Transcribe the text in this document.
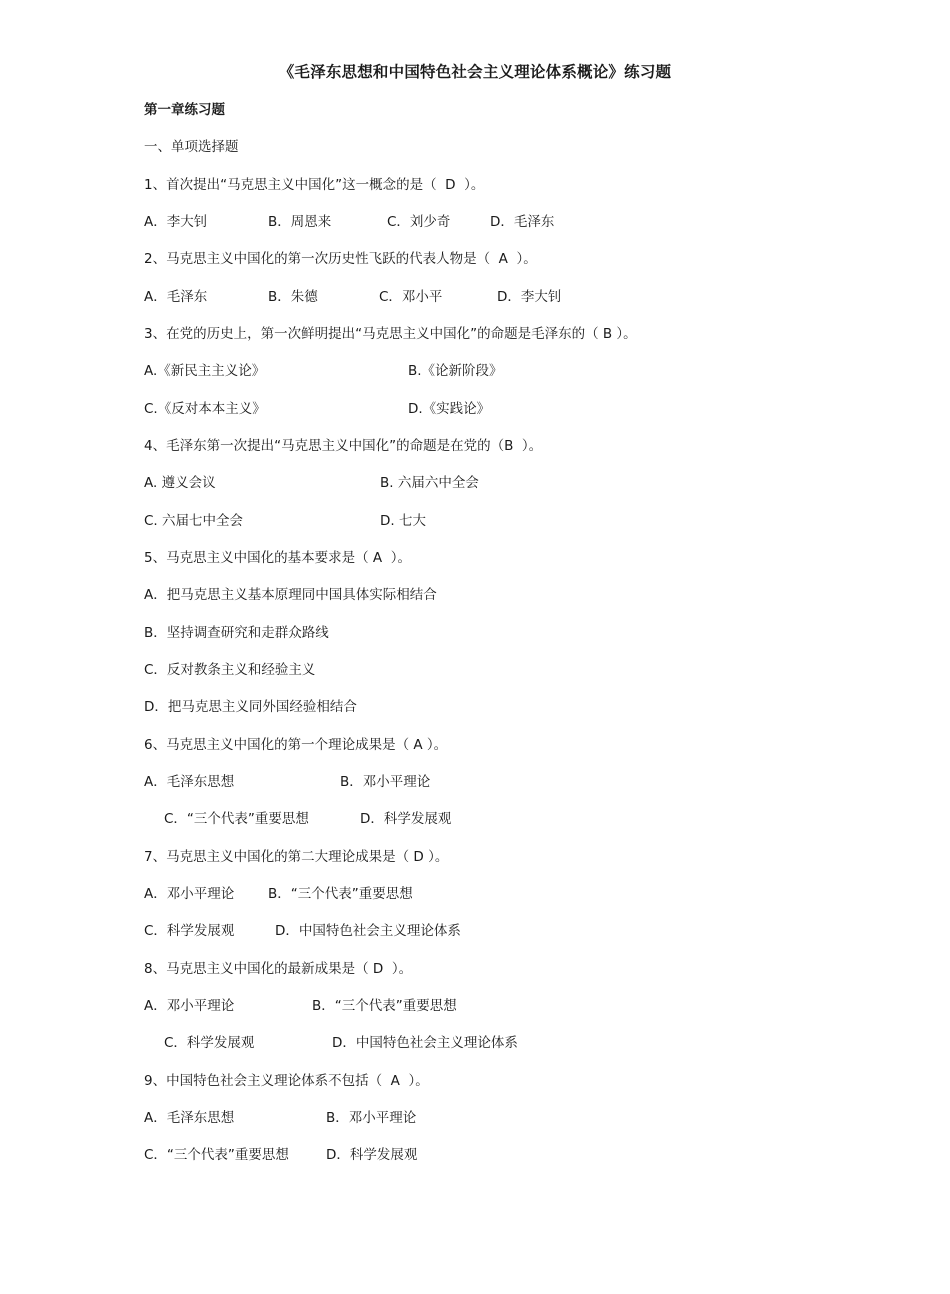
《毛泽东思想和中国特色社会主义理论体系概论》练习题
第一章练习题
一、单项选择题
1、首次提出“马克思主义中国化”这一概念的是（  D  ）。
A．李大钊	B．周恩来	C．刘少奇	D．毛泽东
2、马克思主义中国化的第一次历史性飞跃的代表人物是（  A  ）。
A．毛泽东	B．朱德	C．邓小平	D．李大钊
3、在党的历史上，第一次鲜明提出“马克思主义中国化”的命题是毛泽东的（ B ）。
A.《新民主主义论》	B.《论新阶段》
C.《反对本本主义》	D.《实践论》
4、毛泽东第一次提出“马克思主义中国化”的命题是在党的（B  ）。
A. 遵义会议	B. 六届六中全会
C. 六届七中全会	D. 七大
5、马克思主义中国化的基本要求是（ A  ）。
A．把马克思主义基本原理同中国具体实际相结合
B．坚持调查研究和走群众路线
C．反对教条主义和经验主义
D．把马克思主义同外国经验相结合
6、马克思主义中国化的第一个理论成果是（ A ）。
A．毛泽东思想	B．邓小平理论
C．“三个代表”重要思想	D．科学发展观
7、马克思主义中国化的第二大理论成果是（ D ）。
A．邓小平理论	B．“三个代表”重要思想
C．科学发展观	D．中国特色社会主义理论体系
8、马克思主义中国化的最新成果是（ D  ）。
A．邓小平理论	B．“三个代表”重要思想
C．科学发展观	D．中国特色社会主义理论体系
9、中国特色社会主义理论体系不包括（  A  ）。
A．毛泽东思想	B．邓小平理论
C．“三个代表”重要思想	D．科学发展观
